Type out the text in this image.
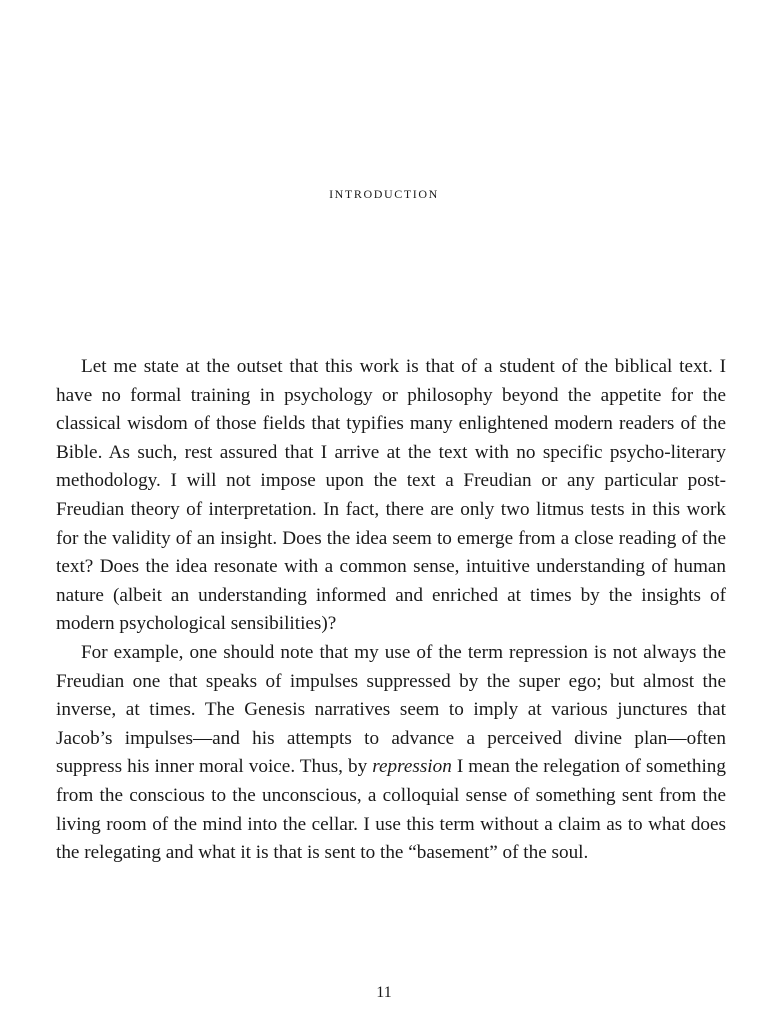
introduction

Let me state at the outset that this work is that of a student of the biblical text. I have no formal training in psychology or philosophy beyond the appetite for the classical wisdom of those fields that typifies many enlightened modern readers of the Bible. As such, rest assured that I arrive at the text with no specific psycho-literary methodology. I will not impose upon the text a Freudian or any particular post-Freudian theory of interpretation. In fact, there are only two litmus tests in this work for the validity of an insight. Does the idea seem to emerge from a close reading of the text? Does the idea resonate with a common sense, intuitive understanding of human nature (albeit an understanding informed and enriched at times by the insights of modern psychological sensibilities)?

For example, one should note that my use of the term repression is not always the Freudian one that speaks of impulses suppressed by the super ego; but almost the inverse, at times. The Genesis narratives seem to imply at various junctures that Jacob’s impulses—and his attempts to advance a perceived divine plan—often suppress his inner moral voice. Thus, by repression I mean the relegation of something from the conscious to the unconscious, a colloquial sense of something sent from the living room of the mind into the cellar. I use this term without a claim as to what does the relegating and what it is that is sent to the “basement” of the soul.

11
